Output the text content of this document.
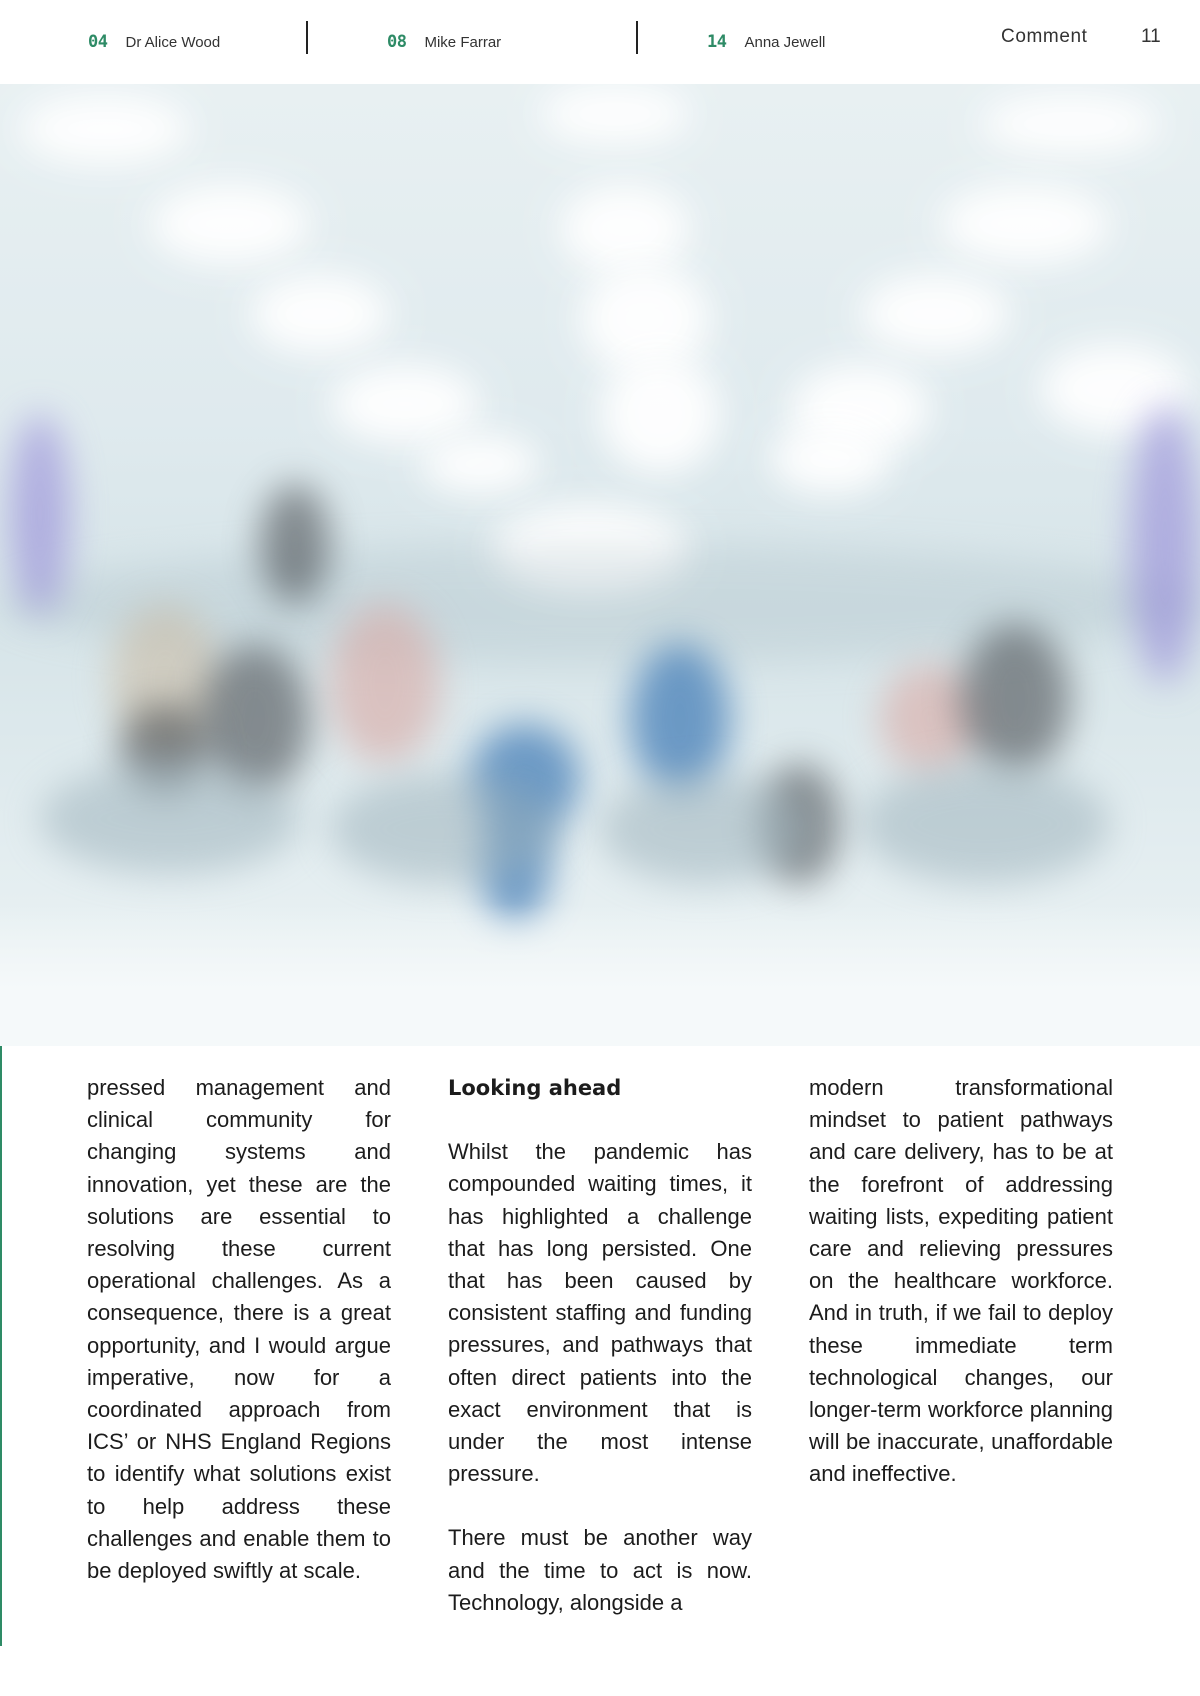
04 Dr Alice Wood	08 Mike Farrar	14 Anna Jewell	Comment	11

pressed management and clinical community for changing systems and innovation, yet these are the solutions are essential to resolving these current operational challenges. As a consequence, there is a great opportunity, and I would argue imperative, now for a coordinated approach from ICS’ or NHS England Regions to identify what solutions exist to help address these challenges and enable them to be deployed swiftly at scale.

Looking ahead

Whilst the pandemic has compounded waiting times, it has highlighted a challenge that has long persisted. One that has been caused by consistent staffing and funding pressures, and pathways that often direct patients into the exact environment that is under the most intense pressure.

There must be another way and the time to act is now. Technology, alongside a

modern transformational mindset to patient pathways and care delivery, has to be at the forefront of addressing waiting lists, expediting patient care and relieving pressures on the healthcare workforce. And in truth, if we fail to deploy these immediate term technological changes, our longer-term workforce planning will be inaccurate, unaffordable and ineffective.
